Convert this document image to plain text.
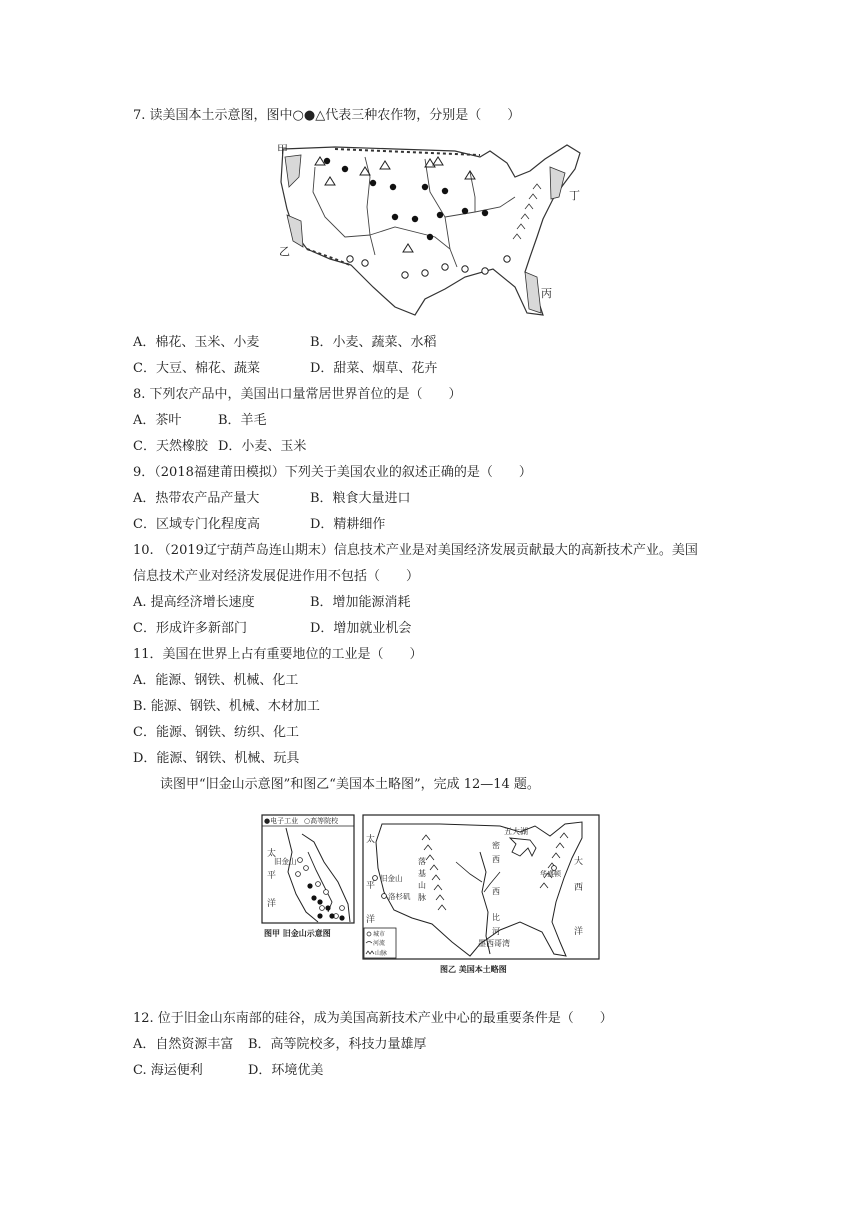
7. 读美国本土示意图，图中○●△代表三种农作物，分别是（　　）
甲
乙
丙
丁
A．棉花、玉米、小麦	B．小麦、蔬菜、水稻
C．大豆、棉花、蔬菜	D．甜菜、烟草、花卉
8. 下列农产品中，美国出口量常居世界首位的是（　　）
A．茶叶	B．羊毛
C．天然橡胶 D．小麦、玉米
9．（2018福建莆田模拟）下列关于美国农业的叙述正确的是（　　）
A．热带农产品产量大	B．粮食大量进口
C．区域专门化程度高	D．精耕细作
10. （2019辽宁葫芦岛连山期末）信息技术产业是对美国经济发展贡献最大的高新技术产业。美国
信息技术产业对经济发展促进作用不包括（　　）
A. 提高经济增长速度	B．增加能源消耗
C．形成许多新部门	D．增加就业机会
11．美国在世界上占有重要地位的工业是（　　）
A．能源、钢铁、机械、化工
B. 能源、钢铁、机械、木材加工
C．能源、钢铁、纺织、化工
D．能源、钢铁、机械、玩具
读图甲“旧金山示意图”和图乙“美国本土略图”，完成 12—14 题。
●电子工业 ○高等院校
太
平
洋
旧金山
图甲 旧金山示意图
太
平
洋
旧金山
洛杉矶
落
基
山
脉
密
西
西
比
河
五大湖
华盛顿
大
西
洋
墨西哥湾
城市
河流
山脉
图乙 美国本土略图
12. 位于旧金山东南部的硅谷，成为美国高新技术产业中心的最重要条件是（　　）
A．自然资源丰富 B．高等院校多，科技力量雄厚
C. 海运便利	D．环境优美
